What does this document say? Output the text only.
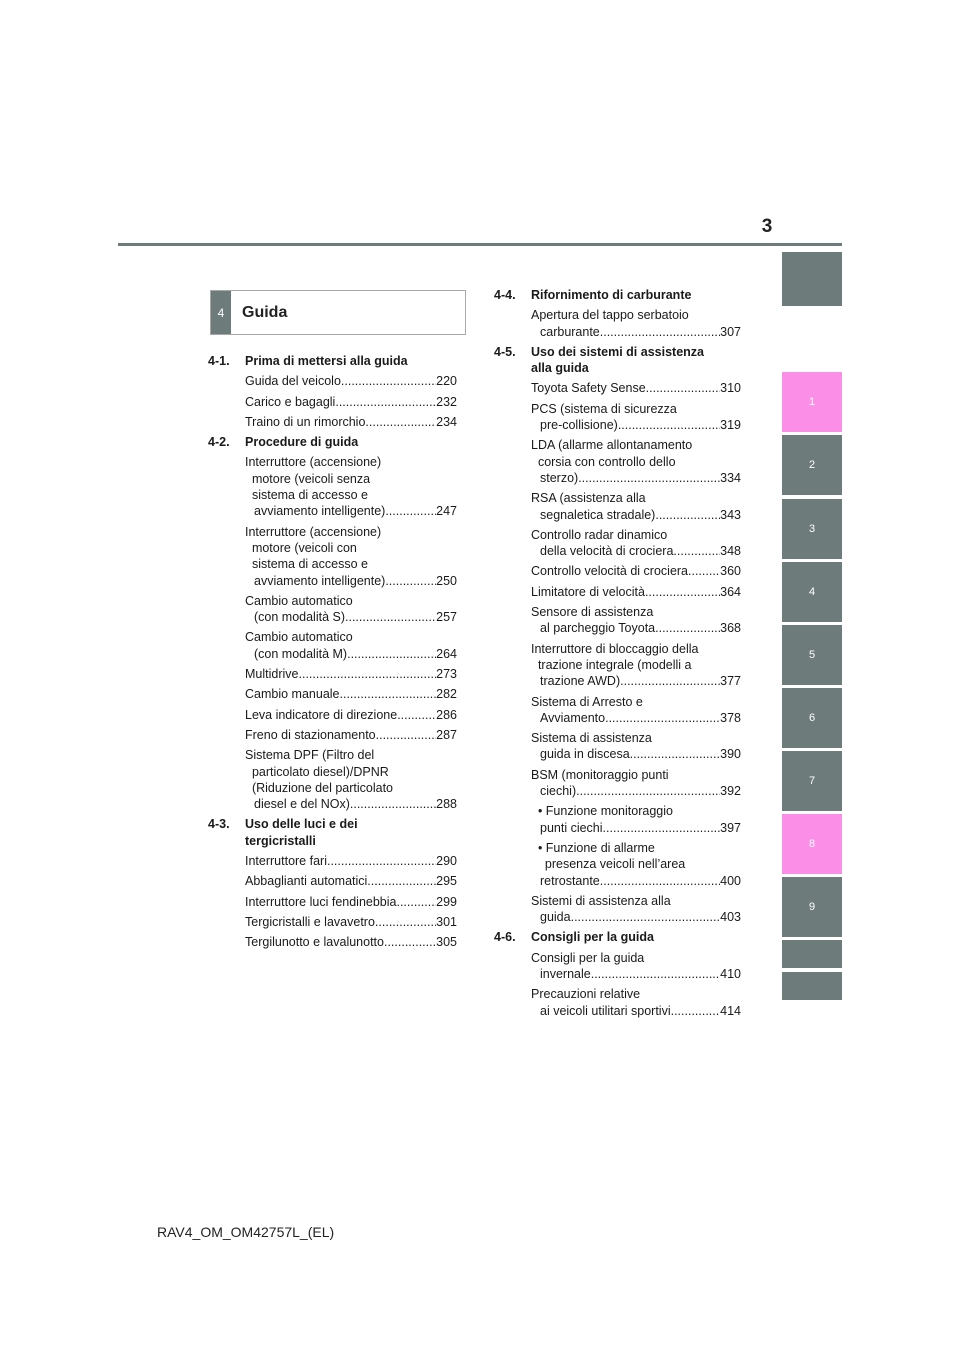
3
1
2
3
4
5
6
7
8
9
4	Guida
4-1.	Prima di mettersi alla guida
Guida del veicolo .....	220
Carico e bagagli .....	232
Traino di un rimorchio .....	234
4-2.	Procedure di guida
Interruttore (accensione)
motore (veicoli senza
sistema di accesso e
avviamento intelligente) .....	247
Interruttore (accensione)
motore (veicoli con
sistema di accesso e
avviamento intelligente) .....	250
Cambio automatico
(con modalità S) .....	257
Cambio automatico
(con modalità M) .....	264
Multidrive .....	273
Cambio manuale .....	282
Leva indicatore di direzione .....	286
Freno di stazionamento .....	287
Sistema DPF (Filtro del
particolato diesel)/DPNR
(Riduzione del particolato
diesel e del NOx) .....	288
4-3.	Uso delle luci e dei
tergicristalli
Interruttore fari .....	290
Abbaglianti automatici .....	295
Interruttore luci fendinebbia .....	299
Tergicristalli e lavavetro .....	301
Tergilunotto e lavalunotto .....	305
4-4.	Rifornimento di carburante
Apertura del tappo serbatoio
carburante .....	307
4-5.	Uso dei sistemi di assistenza
alla guida
Toyota Safety Sense .....	310
PCS (sistema di sicurezza
pre-collisione) .....	319
LDA (allarme allontanamento
corsia con controllo dello
sterzo) .....	334
RSA (assistenza alla
segnaletica stradale) .....	343
Controllo radar dinamico
della velocità di crociera .....	348
Controllo velocità di crociera .....	360
Limitatore di velocità .....	364
Sensore di assistenza
al parcheggio Toyota .....	368
Interruttore di bloccaggio della
trazione integrale (modelli a
trazione AWD) .....	377
Sistema di Arresto e
Avviamento .....	378
Sistema di assistenza
guida in discesa .....	390
BSM (monitoraggio punti
ciechi) .....	392
• Funzione monitoraggio
punti ciechi .....	397
• Funzione di allarme
presenza veicoli nell’area
retrostante .....	400
Sistemi di assistenza alla
guida .....	403
4-6.	Consigli per la guida
Consigli per la guida
invernale .....	410
Precauzioni relative
ai veicoli utilitari sportivi .....	414
RAV4_OM_OM42757L_(EL)
